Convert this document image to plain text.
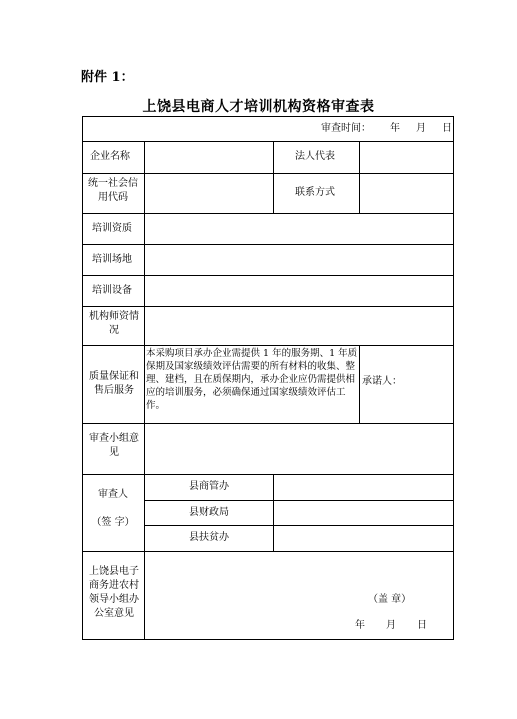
附件 1：
上饶县电商人才培训机构资格审查表
审查时间： 年 月 日
企业名称	法人代表
统一社会信用代码	联系方式
培训资质
培训场地
培训设备
机构师资情况
质量保证和售后服务
本采购项目承办企业需提供 1 年的服务期、1 年质保期及国家级绩效评估需要的所有材料的收集、整理、建档，且在质保期内，承办企业应仍需提供相应的培训服务，必须确保通过国家级绩效评估工作。
承诺人：
审查小组意见
审查人
（签 字）
县商管办
县财政局
县扶贫办
上饶县电子商务进农村领导小组办公室意见
（盖 章）
年 月 日
